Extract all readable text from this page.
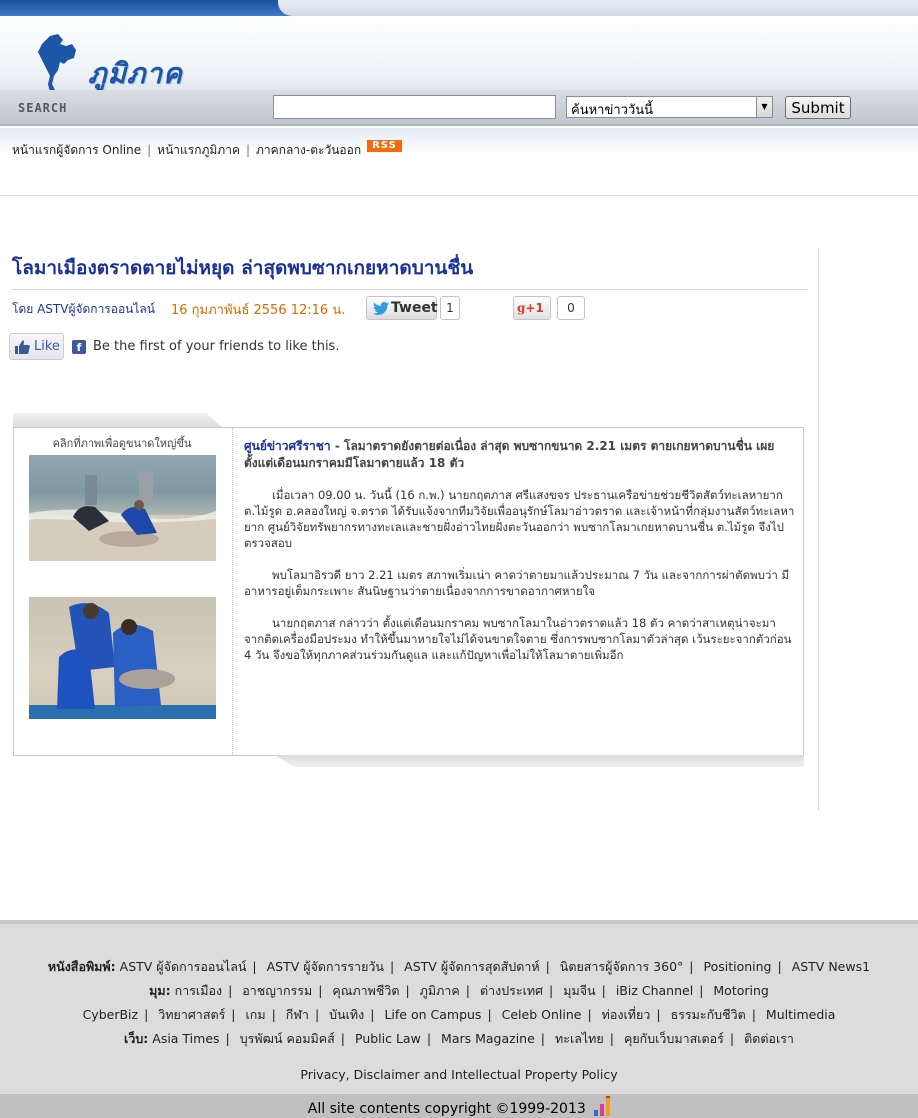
ภูมิภาค
SEARCH	ค้นหาข่าววันนี้	▼	Submit
หน้าแรกผู้จัดการ Online | หน้าแรกภูมิภาค | ภาคกลาง-ตะวันออก RSS
โลมาเมืองตราดตายไม่หยุด ล่าสุดพบซากเกยหาดบานชื่น
โดย ASTVผู้จัดการออนไลน์ 16 กุมภาพันธ์ 2556 12:16 น.	Tweet 1	g+1	0
Like	f Be the first of your friends to like this.
คลิกที่ภาพเพื่อดูขนาดใหญ่ขึ้น	ศูนย์ข่าวศรีราชา - โลมาตราดยังตายต่อเนื่อง ล่าสุด พบซากขนาด 2.21 เมตร ตายเกยหาดบานชื่น เผยตั้งแต่เดือนมกราคมมีโลมาตายแล้ว 18 ตัว

เมื่อเวลา 09.00 น. วันนี้ (16 ก.พ.) นายกฤตภาส ศรีแสงขจร ประธานเครือข่ายช่วยชีวิตสัตว์ทะเลหายาก ต.ไม้รูด อ.คลองใหญ่ จ.ตราด ได้รับแจ้งจากทีมวิจัยเพื่ออนุรักษ์โลมาอ่าวตราด และเจ้าหน้าที่กลุ่มงานสัตว์ทะเลหายาก ศูนย์วิจัยทรัพยากรทางทะเลและชายฝั่งอ่าวไทยฝั่งตะวันออกว่า พบซากโลมาเกยหาดบานชื่น ต.ไม้รูด จึงไปตรวจสอบ

พบโลมาอิรวดี ยาว 2.21 เมตร สภาพเริ่มเน่า คาดว่าตายมาแล้วประมาณ 7 วัน และจากการผ่าตัดพบว่า มีอาหารอยู่เต็มกระเพาะ สันนิษฐานว่าตายเนื่องจากการขาดอากาศหายใจ

นายกฤตภาส กล่าวว่า ตั้งแต่เดือนมกราคม พบซากโลมาในอ่าวตราดแล้ว 18 ตัว คาดว่าสาเหตุน่าจะมาจากติดเครื่องมือประมง ทำให้ขึ้นมาหายใจไม่ได้จนขาดใจตาย ซึ่งการพบซากโลมาตัวล่าสุด เว้นระยะจากตัวก่อน 4 วัน จึงขอให้ทุกภาคส่วนร่วมกันดูแล และแก้ปัญหาเพื่อไม่ให้โลมาตายเพิ่มอีก

หนังสือพิมพ์: ASTV ผู้จัดการออนไลน์ | ASTV ผู้จัดการรายวัน | ASTV ผู้จัดการสุดสัปดาห์ | นิตยสารผู้จัดการ 360° | Positioning | ASTV News1
มุม: การเมือง | อาชญากรรม | คุณภาพชีวิต | ภูมิภาค | ต่างประเทศ | มุมจีน | iBiz Channel | Motoring
CyberBiz | วิทยาศาสตร์ | เกม | กีฬา | บันเทิง | Life on Campus | Celeb Online | ท่องเที่ยว | ธรรมะกับชีวิต | Multimedia
เว็บ: Asia Times | บุรพัฒน์ คอมมิคส์ | Public Law | Mars Magazine | ทะเลไทย | คุยกับเว็บมาสเตอร์ | ติดต่อเรา
Privacy, Disclaimer and Intellectual Property Policy
All site contents copyright ©1999-2013
